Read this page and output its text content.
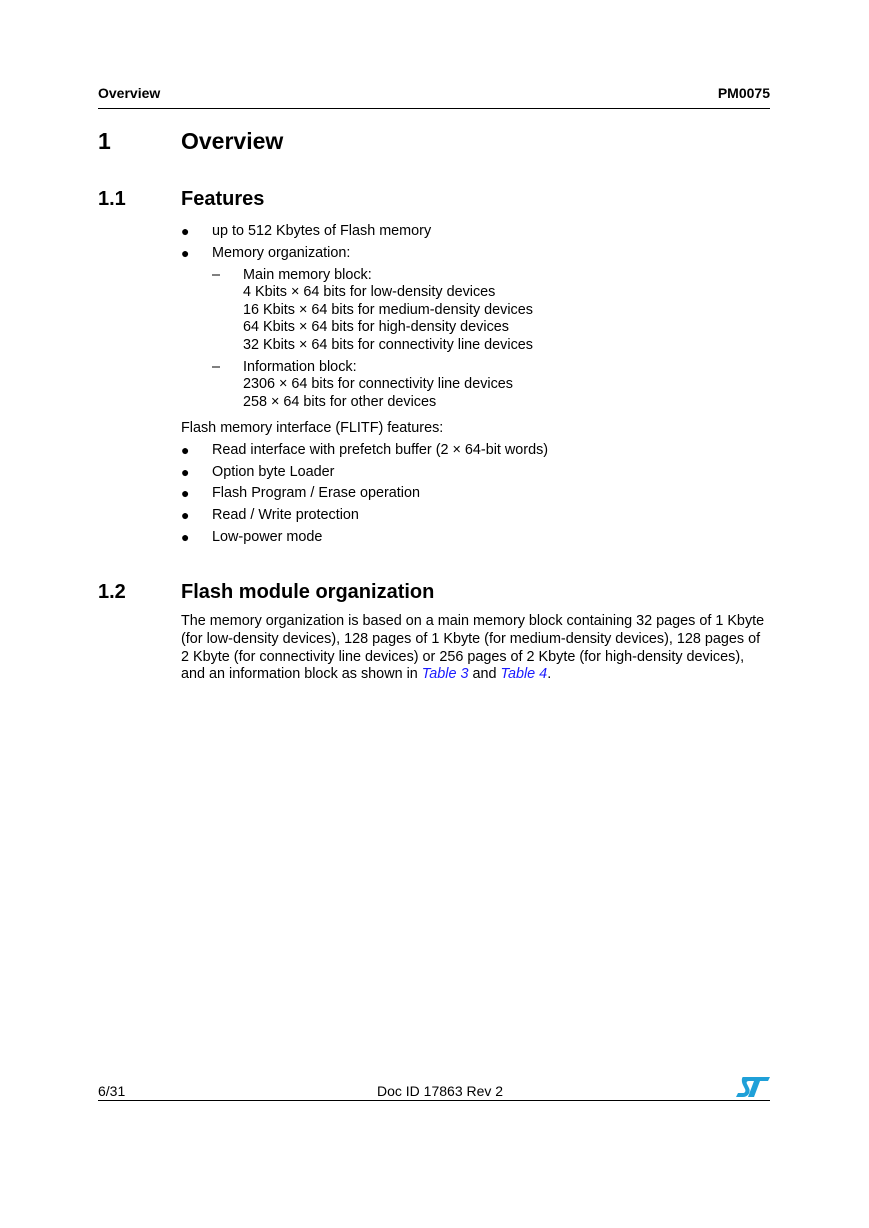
Overview	PM0075
1	Overview
1.1	Features
● up to 512 Kbytes of Flash memory
● Memory organization:
– Main memory block:
4 Kbits × 64 bits for low-density devices
16 Kbits × 64 bits for medium-density devices
64 Kbits × 64 bits for high-density devices
32 Kbits × 64 bits for connectivity line devices
– Information block:
2306 × 64 bits for connectivity line devices
258 × 64 bits for other devices
Flash memory interface (FLITF) features:
● Read interface with prefetch buffer (2 × 64-bit words)
● Option byte Loader
● Flash Program / Erase operation
● Read / Write protection
● Low-power mode
1.2	Flash module organization
The memory organization is based on a main memory block containing 32 pages of 1 Kbyte
(for low-density devices), 128 pages of 1 Kbyte (for medium-density devices), 128 pages of
2 Kbyte (for connectivity line devices) or 256 pages of 2 Kbyte (for high-density devices),
and an information block as shown in Table 3 and Table 4.
6/31	Doc ID 17863 Rev 2
